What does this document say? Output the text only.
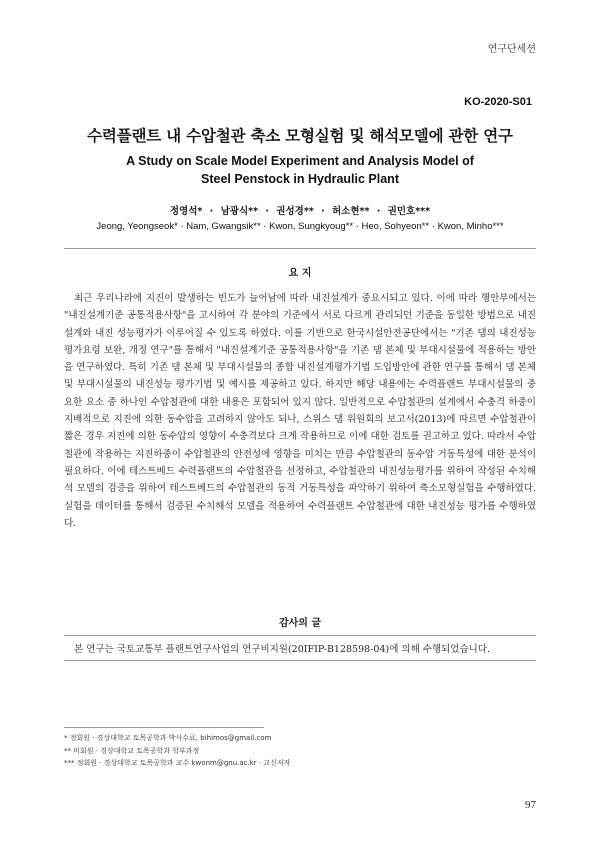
연구단세션
KO-2020-S01
수력플랜트 내 수압철관 축소 모형실험 및 해석모델에 관한 연구
A Study on Scale Model Experiment and Analysis Model of
Steel Penstock in Hydraulic Plant
정영석* · 남광식** · 권성경** · 허소현** · 권민호***
Jeong, Yeongseok* · Nam, Gwangsik** · Kwon, Sungkyoug** · Heo, Sohyeon** · Kwon, Minho***
요 지

최근 우리나라에 지진이 발생하는 빈도가 늘어남에 따라 내진설계가 중요시되고 있다. 이에 따라 행안부에서는 "내진설계기준 공통적용사항"을 고시하여 각 분야의 기준에서 서로 다르게 관리되던 기준을 동일한 방법으로 내진설계와 내진 성능평가가 이루어질 수 있도록 하였다. 이를 기반으로 한국시설안전공단에서는 "기존 댐의 내진성능 평가요령 보완, 개정 연구"를 통해서 "내진설계기준 공통적용사항"을 기존 댐 본체 및 부대시설물에 적용하는 방안을 연구하였다. 특히 기존 댐 본체 및 부대시설물의 종합 내진설계평가기법 도입방안에 관한 연구를 통해서 댐 본체 및 부대시설물의 내진성능 평가기법 및 예시를 제공하고 있다. 하지만 해당 내용에는 수력플랜트 부대시설물의 중요한 요소 중 하나인 수압철관에 대한 내용은 포함되어 있지 않다. 일반적으로 수압철관의 설계에서 수충격 하중이 지배적으로 지진에 의한 동수압을 고려하지 않아도 되나, 스위스 댐 위원회의 보고서(2013)에 따르면 수압철관이 짧은 경우 지진에 의한 동수압의 영향이 수충격보다 크게 작용하므로 이에 대한 검토를 권고하고 있다. 따라서 수압철관에 작용하는 지진하중이 수압철관의 안전성에 영향을 미치는 만큼 수압철관의 동수압 거동특성에 대한 분석이 필요하다. 이에 테스트베드 수력플랜트의 수압철관을 선정하고, 수압철관의 내진성능평가를 위하여 작성된 수치해석 모델의 검증을 위하여 테스트베드의 수압철관의 동적 거동특성을 파악하기 위하여 축소모형실험을 수행하였다. 실험을 데이터를 통해서 검증된 수치해석 모델을 적용하여 수력플랜트 수압철관에 대한 내진성능 평가를 수행하였다.

감사의 글

본 연구는 국토교통부 플랜트연구사업의 연구비지원(20IFIP-B128598-04)에 의해 수행되었습니다.

* 정회원 · 경상대학교 토목공학과 박사수료, bihimos@gmail.com
** 비회원 · 경상대학교 토목공학과 학부과정
*** 정회원 · 경상대학교 토목공학과 교수 kwonm@gnu.ac.kr · 교신저자
97
